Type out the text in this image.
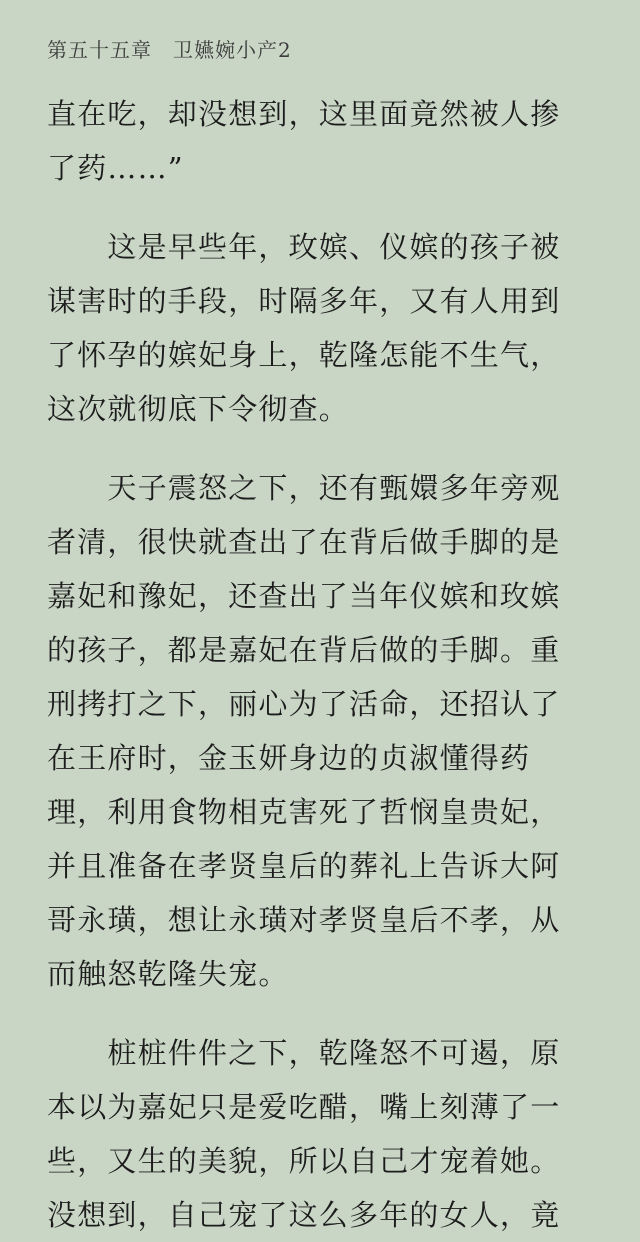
第五十五章　卫嬿婉小产2
直在吃，却没想到，这里面竟然被人掺
了药……”
　　这是早些年，玫嫔、仪嫔的孩子被
谋害时的手段，时隔多年，又有人用到
了怀孕的嫔妃身上，乾隆怎能不生气，
这次就彻底下令彻查。
　　天子震怒之下，还有甄嬛多年旁观
者清，很快就查出了在背后做手脚的是
嘉妃和豫妃，还查出了当年仪嫔和玫嫔
的孩子，都是嘉妃在背后做的手脚。重
刑拷打之下，丽心为了活命，还招认了
在王府时，金玉妍身边的贞淑懂得药
理，利用食物相克害死了哲悯皇贵妃，
并且准备在孝贤皇后的葬礼上告诉大阿
哥永璜，想让永璜对孝贤皇后不孝，从
而触怒乾隆失宠。
　　桩桩件件之下，乾隆怒不可遏，原
本以为嘉妃只是爱吃醋，嘴上刻薄了一
些，又生的美貌，所以自己才宠着她。
没想到，自己宠了这么多年的女人，竟
